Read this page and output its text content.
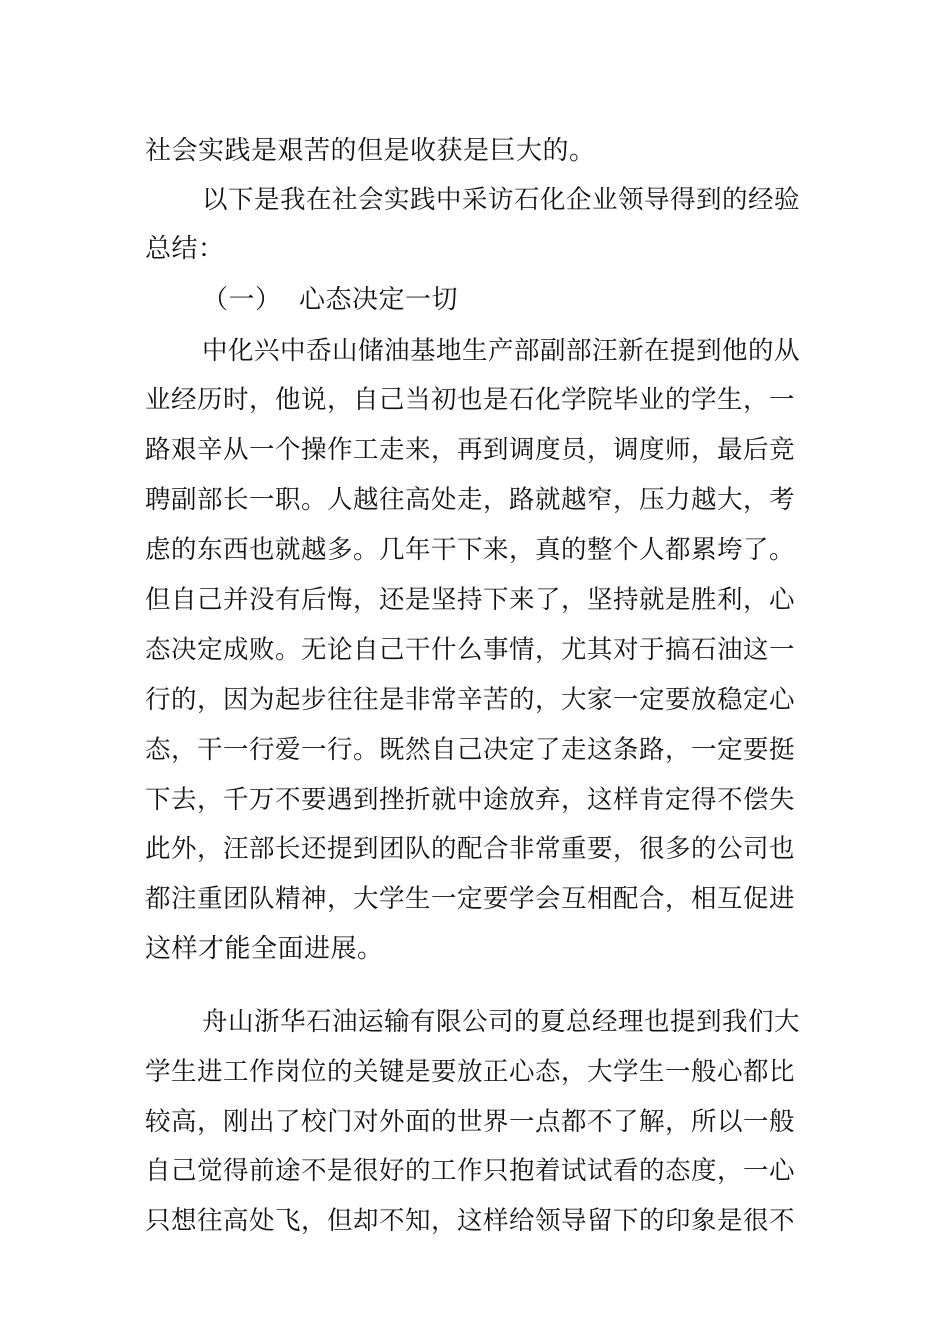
社会实践是艰苦的但是收获是巨大的。
以下是我在社会实践中采访石化企业领导得到的经验
总结：
（一）  心态决定一切
中化兴中岙山储油基地生产部副部汪新在提到他的从
业经历时，他说，自己当初也是石化学院毕业的学生，一
路艰辛从一个操作工走来，再到调度员，调度师，最后竞
聘副部长一职。人越往高处走，路就越窄，压力越大，考
虑的东西也就越多。几年干下来，真的整个人都累垮了。
但自己并没有后悔，还是坚持下来了，坚持就是胜利，心
态决定成败。无论自己干什么事情，尤其对于搞石油这一
行的，因为起步往往是非常辛苦的，大家一定要放稳定心
态，干一行爱一行。既然自己决定了走这条路，一定要挺
下去，千万不要遇到挫折就中途放弃，这样肯定得不偿失
此外，汪部长还提到团队的配合非常重要，很多的公司也
都注重团队精神，大学生一定要学会互相配合，相互促进
这样才能全面进展。
舟山浙华石油运输有限公司的夏总经理也提到我们大
学生进工作岗位的关键是要放正心态，大学生一般心都比
较高，刚出了校门对外面的世界一点都不了解，所以一般
自己觉得前途不是很好的工作只抱着试试看的态度，一心
只想往高处飞，但却不知，这样给领导留下的印象是很不
